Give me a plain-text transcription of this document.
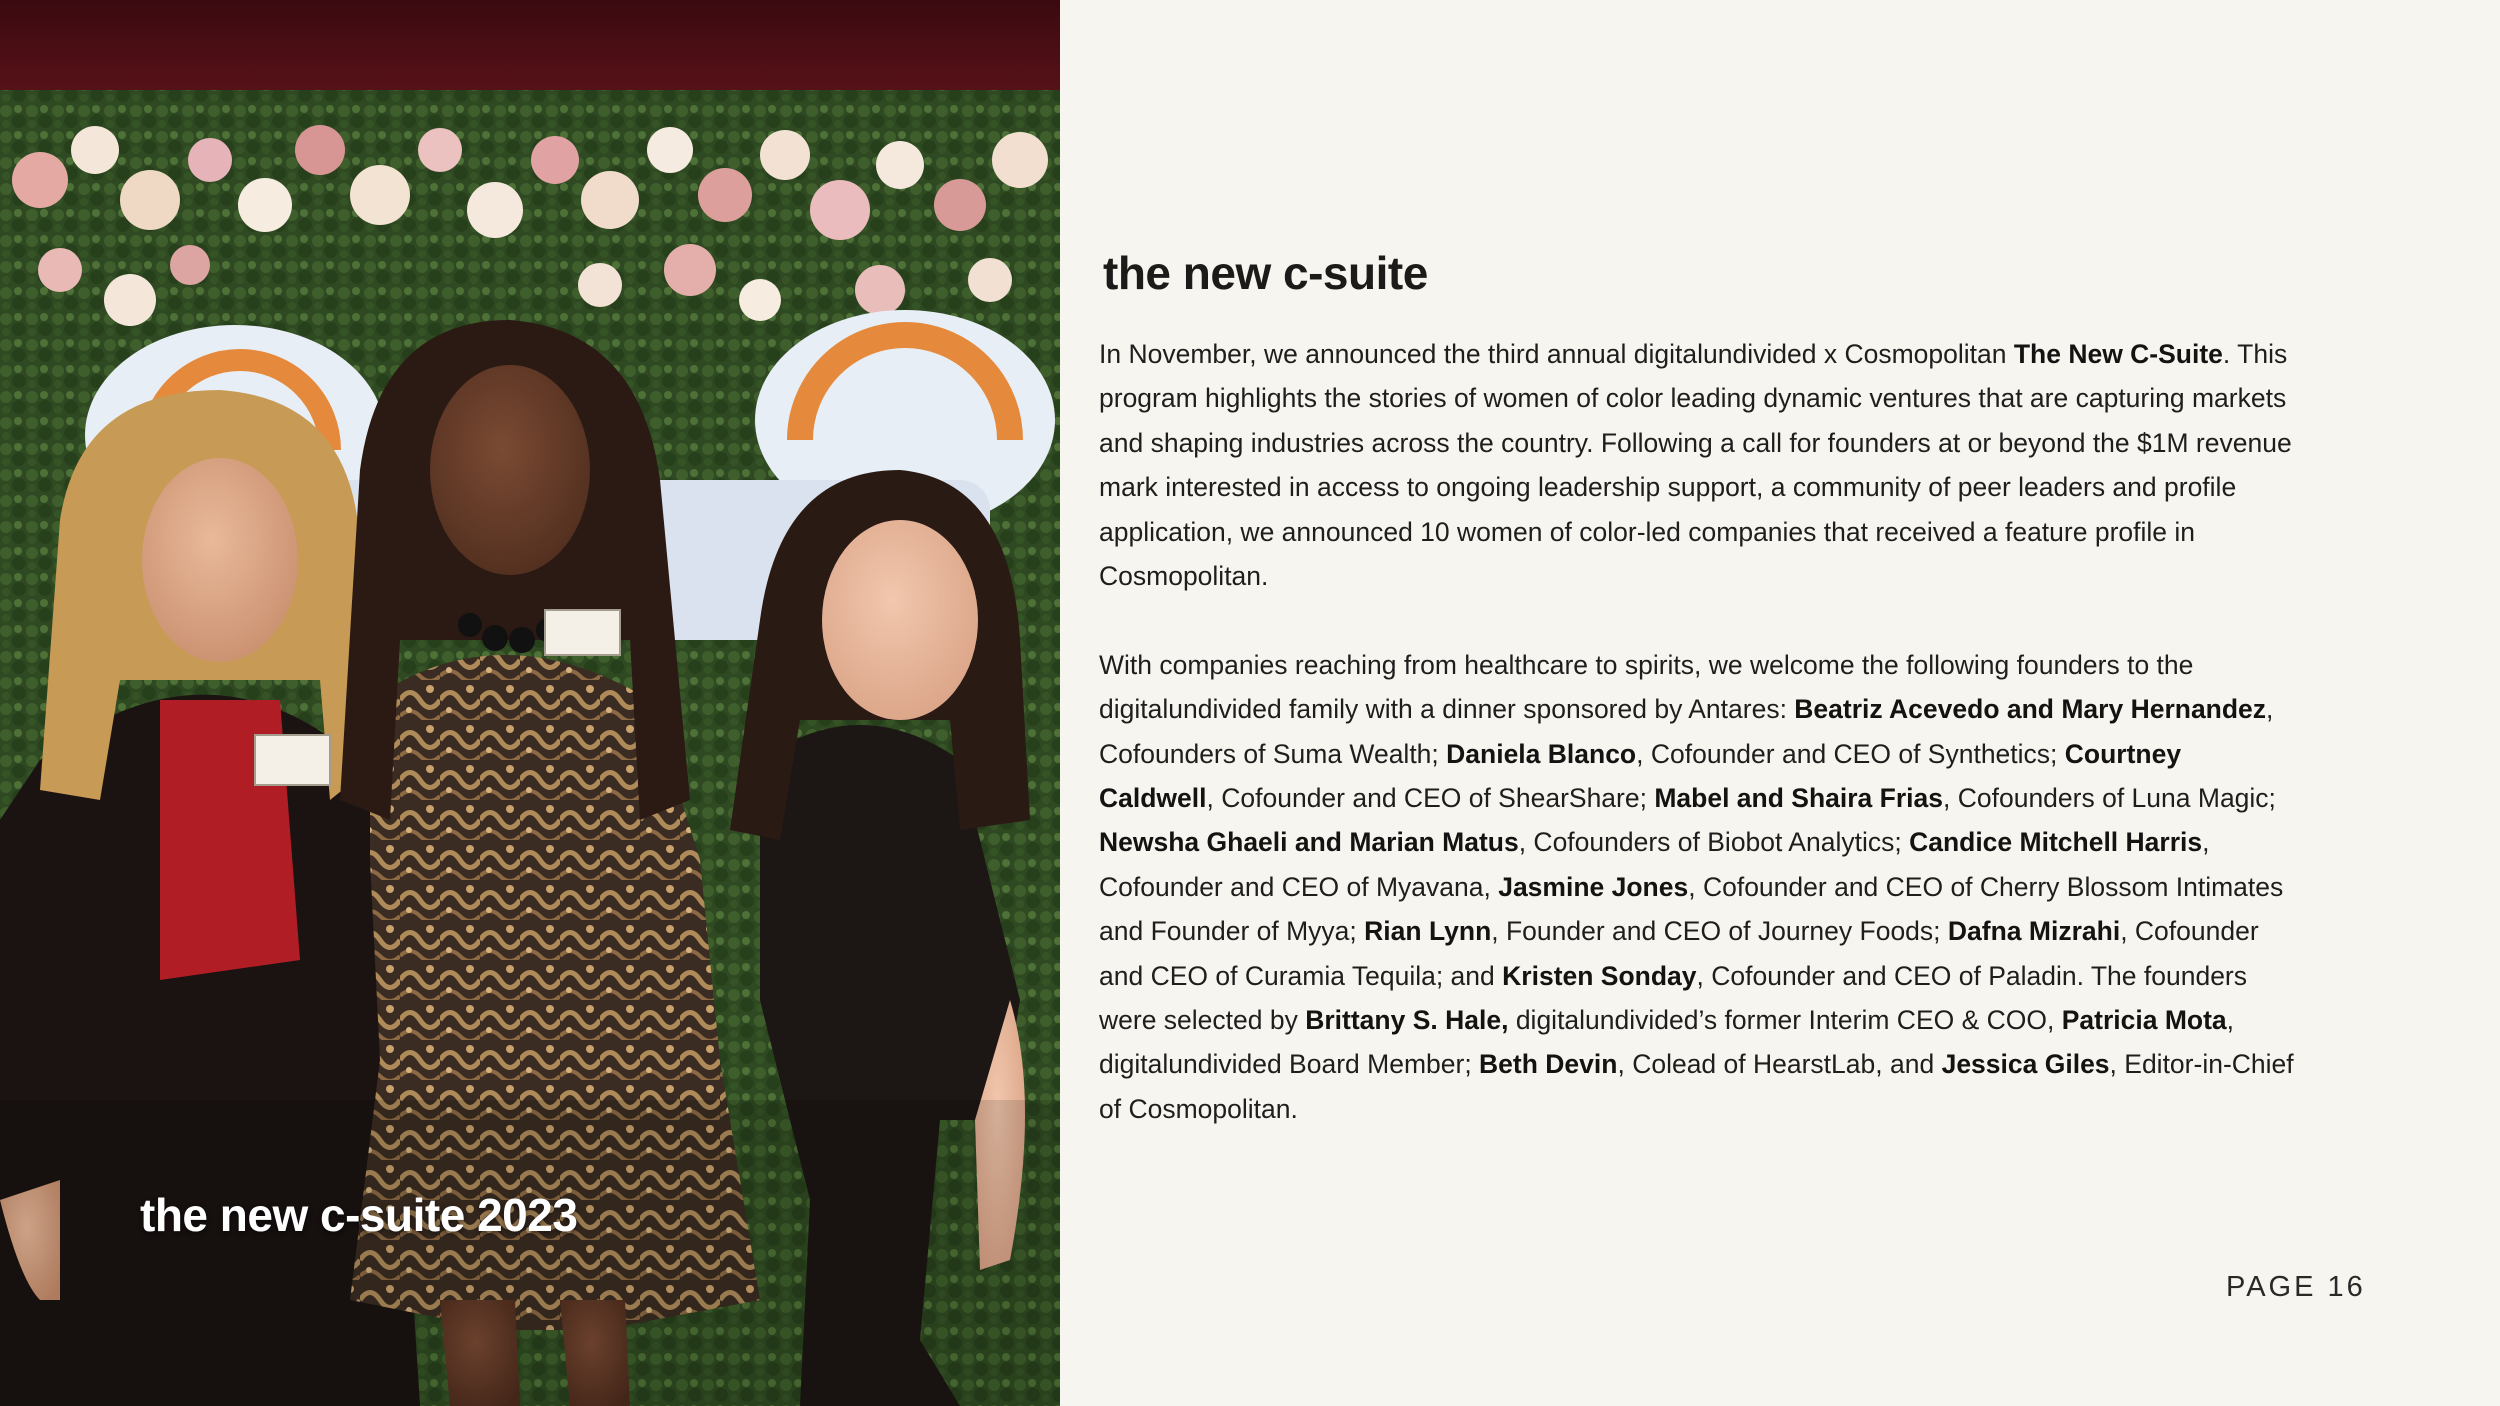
the new c-suite 2023
the new c-suite

In November, we announced the third annual digitalundivided x Cosmopolitan The New C-Suite. This program highlights the stories of women of color leading dynamic ventures that are capturing markets and shaping industries across the country. Following a call for founders at or beyond the $1M revenue mark interested in access to ongoing leadership support, a community of peer leaders and profile application, we announced 10 women of color-led companies that received a feature profile in Cosmopolitan.

With companies reaching from healthcare to spirits, we welcome the following founders to the digitalundivided family with a dinner sponsored by Antares: Beatriz Acevedo and Mary Hernandez, Cofounders of Suma Wealth; Daniela Blanco, Cofounder and CEO of Synthetics; Courtney Caldwell, Cofounder and CEO of ShearShare; Mabel and Shaira Frias, Cofounders of Luna Magic; Newsha Ghaeli and Marian Matus, Cofounders of Biobot Analytics; Candice Mitchell Harris, Cofounder and CEO of Myavana, Jasmine Jones, Cofounder and CEO of Cherry Blossom Intimates and Founder of Myya; Rian Lynn, Founder and CEO of Journey Foods; Dafna Mizrahi, Cofounder and CEO of Curamia Tequila; and Kristen Sonday, Cofounder and CEO of Paladin. The founders were selected by Brittany S. Hale, digitalundivided’s former Interim CEO & COO, Patricia Mota, digitalundivided Board Member; Beth Devin, Colead of HearstLab, and Jessica Giles, Editor-in-Chief of Cosmopolitan.

PAGE 16
